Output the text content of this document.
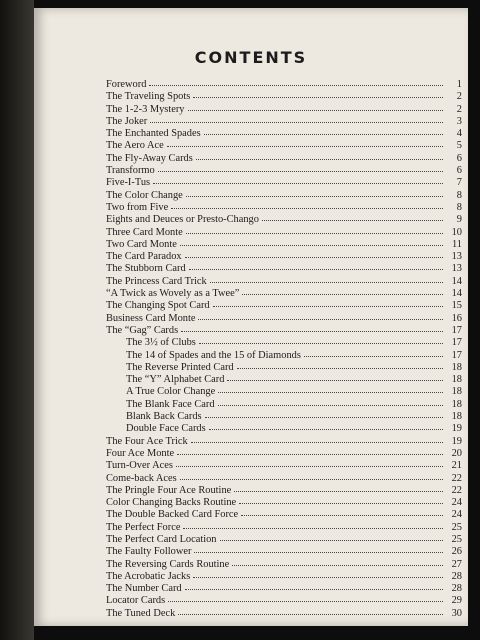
CONTENTS
Foreword	1
The Traveling Spots	2
The 1-2-3 Mystery	2
The Joker	3
The Enchanted Spades	4
The Aero Ace	5
The Fly-Away Cards	6
Transformo	6
Five-I-Tus	7
The Color Change	8
Two from Five	8
Eights and Deuces or Presto-Chango	9
Three Card Monte	10
Two Card Monte	11
The Card Paradox	13
The Stubborn Card	13
The Princess Card Trick	14
“A Twick as Wovely as a Twee”	14
The Changing Spot Card	15
Business Card Monte	16
The “Gag” Cards	17
The 3½ of Clubs	17
The 14 of Spades and the 15 of Diamonds	17
The Reverse Printed Card	18
The “Y” Alphabet Card	18
A True Color Change	18
The Blank Face Card	18
Blank Back Cards	18
Double Face Cards	19
The Four Ace Trick	19
Four Ace Monte	20
Turn-Over Aces	21
Come-back Aces	22
The Pringle Four Ace Routine	22
Color Changing Backs Routine	24
The Double Backed Card Force	24
The Perfect Force	25
The Perfect Card Location	25
The Faulty Follower	26
The Reversing Cards Routine	27
The Acrobatic Jacks	28
The Number Card	28
Locator Cards	29
The Tuned Deck	30
